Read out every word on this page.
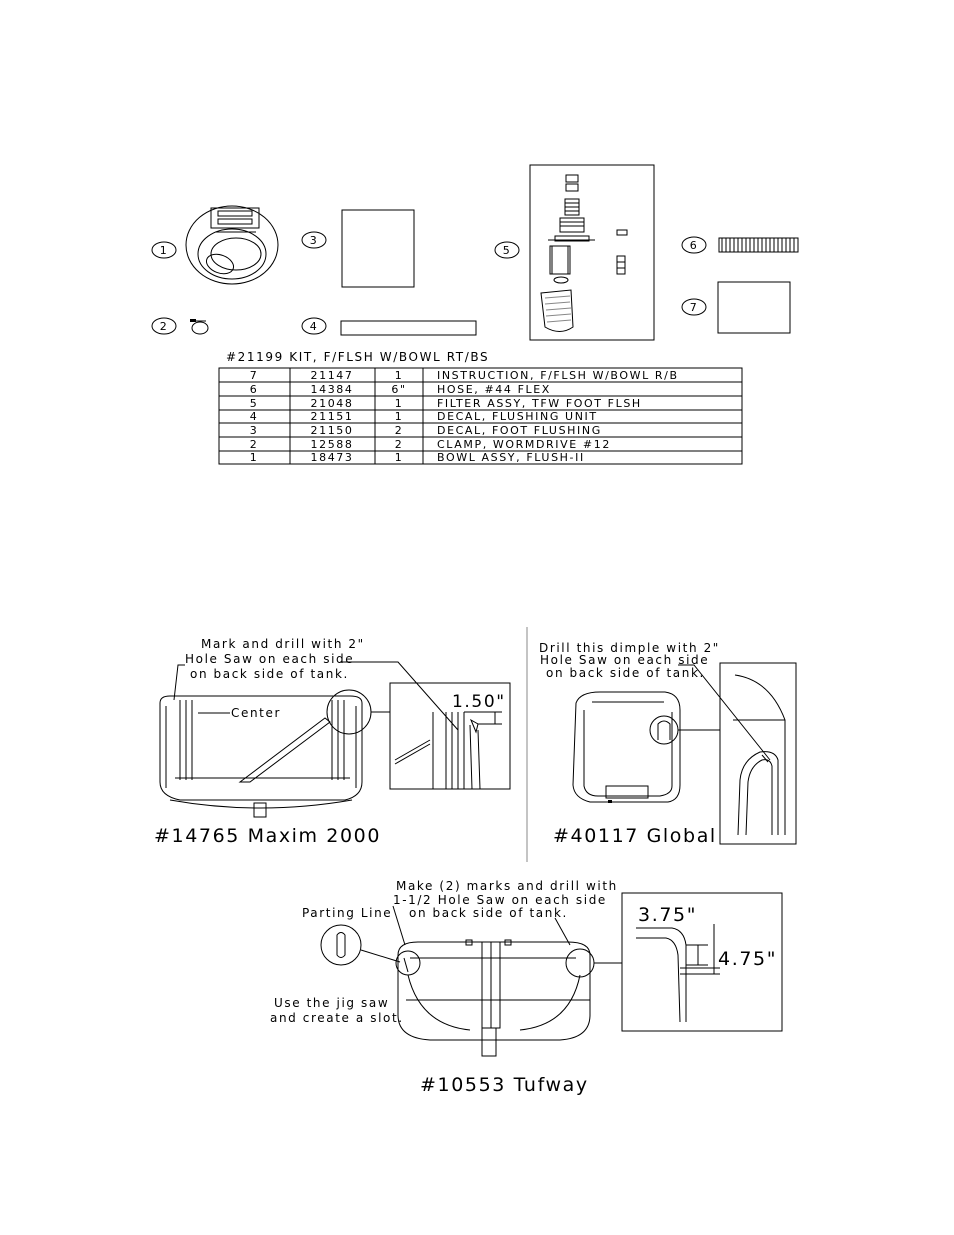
1
2
3
4
5	6
7
#21199 KIT, F/FLSH W/BOWL RT/BS
7	21147	1	INSTRUCTION, F/FLSH W/BOWL R/B
6	14384	6"	HOSE, #44 FLEX
5	21048	1	FILTER ASSY, TFW FOOT FLSH
4	21151	1	DECAL, FLUSHING UNIT
3	21150	2	DECAL, FOOT FLUSHING
2	12588	2	CLAMP, WORMDRIVE #12
1	18473	1	BOWL ASSY, FLUSH-II
Mark and drill with 2"
Hole Saw on each side
on back side of tank.
Center
1.50"
#14765 Maxim 2000
Drill this dimple with 2"
Hole Saw on each side
on back side of tank.
#40117 Global
Make (2) marks and drill with
1-1/2 Hole Saw on each side
on back side of tank.
Parting Line
Use the jig saw
and create a slot.
3.75"
4.75"
#10553 Tufway
